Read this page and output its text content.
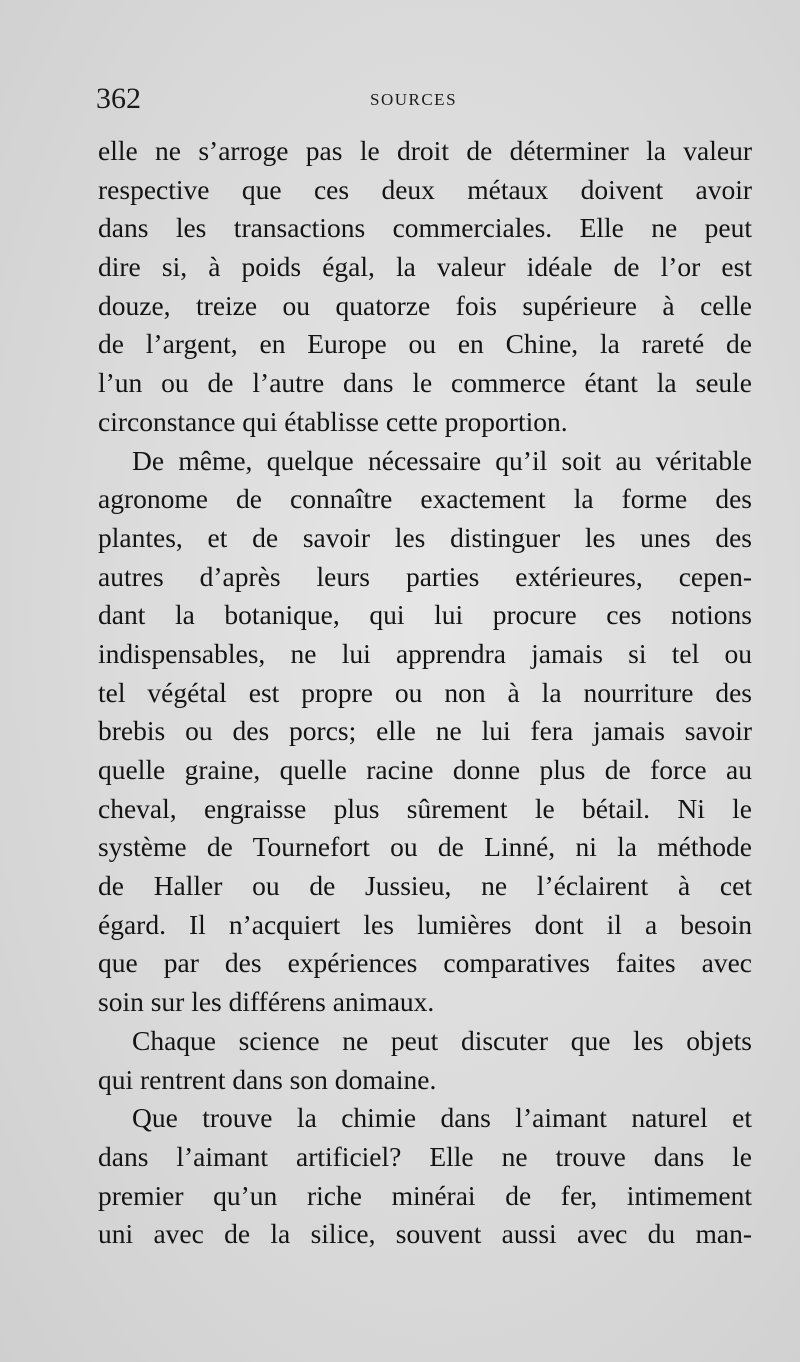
362	SOURCES
elle ne s’arroge pas le droit de déterminer la valeur
respective que ces deux métaux doivent avoir
dans les transactions commerciales. Elle ne peut
dire si, à poids égal, la valeur idéale de l’or est
douze, treize ou quatorze fois supérieure à celle
de l’argent, en Europe ou en Chine, la rareté de
l’un ou de l’autre dans le commerce étant la seule
circonstance qui établisse cette proportion.
De même, quelque nécessaire qu’il soit au véritable
agronome de connaître exactement la forme des
plantes, et de savoir les distinguer les unes des
autres d’après leurs parties extérieures, cepen-
dant la botanique, qui lui procure ces notions
indispensables, ne lui apprendra jamais si tel ou
tel végétal est propre ou non à la nourriture des
brebis ou des porcs; elle ne lui fera jamais savoir
quelle graine, quelle racine donne plus de force au
cheval, engraisse plus sûrement le bétail. Ni le
système de Tournefort ou de Linné, ni la méthode
de Haller ou de Jussieu, ne l’éclairent à cet
égard. Il n’acquiert les lumières dont il a besoin
que par des expériences comparatives faites avec
soin sur les différens animaux.
Chaque science ne peut discuter que les objets
qui rentrent dans son domaine.
Que trouve la chimie dans l’aimant naturel et
dans l’aimant artificiel? Elle ne trouve dans le
premier qu’un riche minérai de fer, intimement
uni avec de la silice, souvent aussi avec du man-
